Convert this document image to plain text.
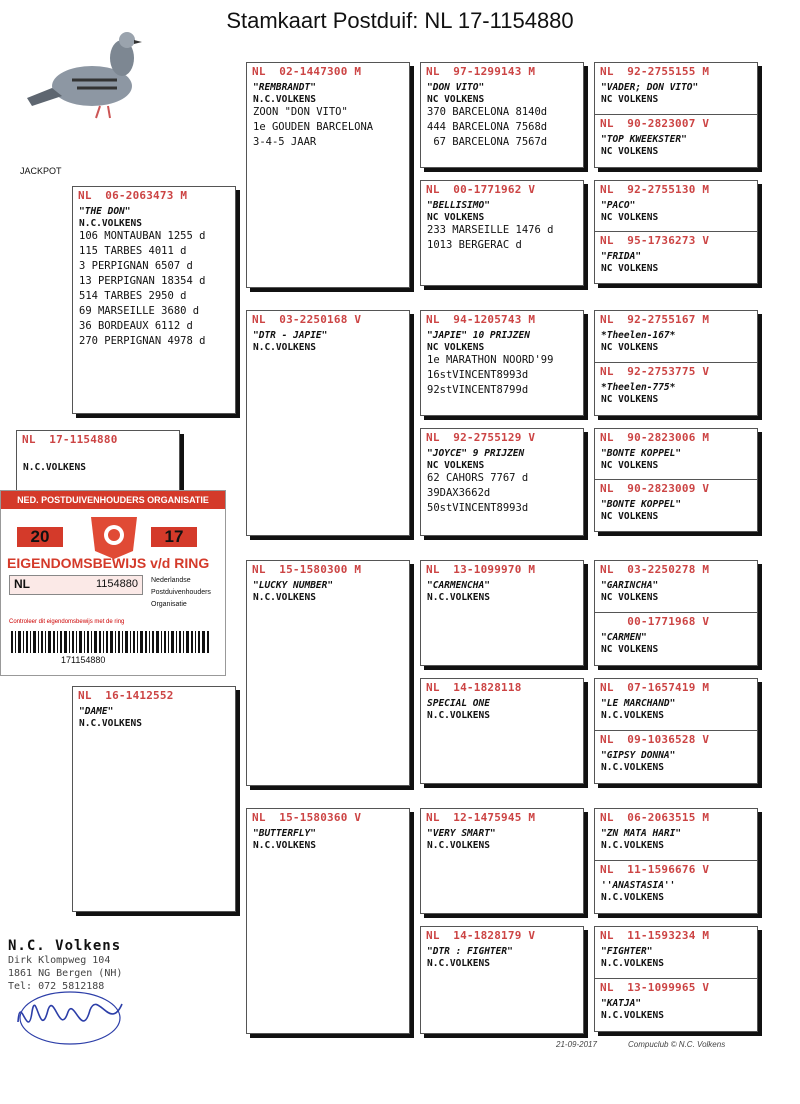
Stamkaart Postduif: NL 17-1154880
JACKPOT
NL  06-2063473 M
"THE DON"
N.C.VOLKENS
106 MONTAUBAN 1255 d
115 TARBES 4011 d
3 PERPIGNAN 6507 d
13 PERPIGNAN 18354 d
514 TARBES 2950 d
69 MARSEILLE 3680 d
36 BORDEAUX 6112 d
270 PERPIGNAN 4978 d
NL  17-1154880
N.C.VOLKENS
NL  16-1412552
"DAME"
N.C.VOLKENS
NL  02-1447300 M
"REMBRANDT"
N.C.VOLKENS
ZOON "DON VITO"
1e GOUDEN BARCELONA
3-4-5 JAAR
NL  03-2250168 V
"DTR - JAPIE"
N.C.VOLKENS
NL  15-1580300 M
"LUCKY NUMBER"
N.C.VOLKENS
NL  15-1580360 V
"BUTTERFLY"
N.C.VOLKENS
NL  97-1299143 M
"DON VITO"
NC VOLKENS
370 BARCELONA 8140d
444 BARCELONA 7568d
67 BARCELONA 7567d
NL  00-1771962 V
"BELLISIMO"
NC VOLKENS
233 MARSEILLE 1476 d
1013 BERGERAC d
NL  94-1205743 M
"JAPIE" 10 PRIJZEN
NC VOLKENS
1e MARATHON NOORD'99
16stVINCENT8993d
92stVINCENT8799d
NL  92-2755129 V
"JOYCE" 9 PRIJZEN
NC VOLKENS
62 CAHORS 7767 d
39DAX3662d
50stVINCENT8993d
NL  13-1099970 M
"CARMENCHA"
N.C.VOLKENS
NL  14-1828118
SPECIAL ONE
N.C.VOLKENS
NL  12-1475945 M
"VERY SMART"
N.C.VOLKENS
NL  14-1828179 V
"DTR : FIGHTER"
N.C.VOLKENS
NL  92-2755155 M
"VADER; DON VITO"
NC VOLKENS
NL  90-2823007 V
"TOP KWEEKSTER"
NC VOLKENS
NL  92-2755130 M
"PACO"
NC VOLKENS
NL  95-1736273 V
"FRIDA"
NC VOLKENS
NL  92-2755167 M
*Theelen-167*
NC VOLKENS
NL  92-2753775 V
*Theelen-775*
NC VOLKENS
NL  90-2823006 M
"BONTE KOPPEL"
NC VOLKENS
NL  90-2823009 V
"BONTE KOPPEL"
NC VOLKENS
NL  03-2250278 M
"GARINCHA"
NC VOLKENS
00-1771968 V
"CARMEN"
NC VOLKENS
NL  07-1657419 M
"LE MARCHAND"
N.C.VOLKENS
NL  09-1036528 V
"GIPSY DONNA"
N.C.VOLKENS
NL  06-2063515 M
"ZN MATA HARI"
N.C.VOLKENS
NL  11-1596676 V
''ANASTASIA''
N.C.VOLKENS
NL  11-1593234 M
"FIGHTER"
N.C.VOLKENS
NL  13-1099965 V
"KATJA"
N.C.VOLKENS
NED. POSTDUIVENHOUDERS ORGANISATIE
20	17
EIGENDOMSBEWIJS v/d RING
NL	1154880 Nederlandse
Postduivenhouders
Organisatie
Controleer dit eigendomsbewijs met de ring
171154880
N.C. Volkens
Dirk Klompweg 104
1861 NG Bergen (NH)
Tel: 072 5812188
21-09-2017	Compuclub © N.C. Volkens
